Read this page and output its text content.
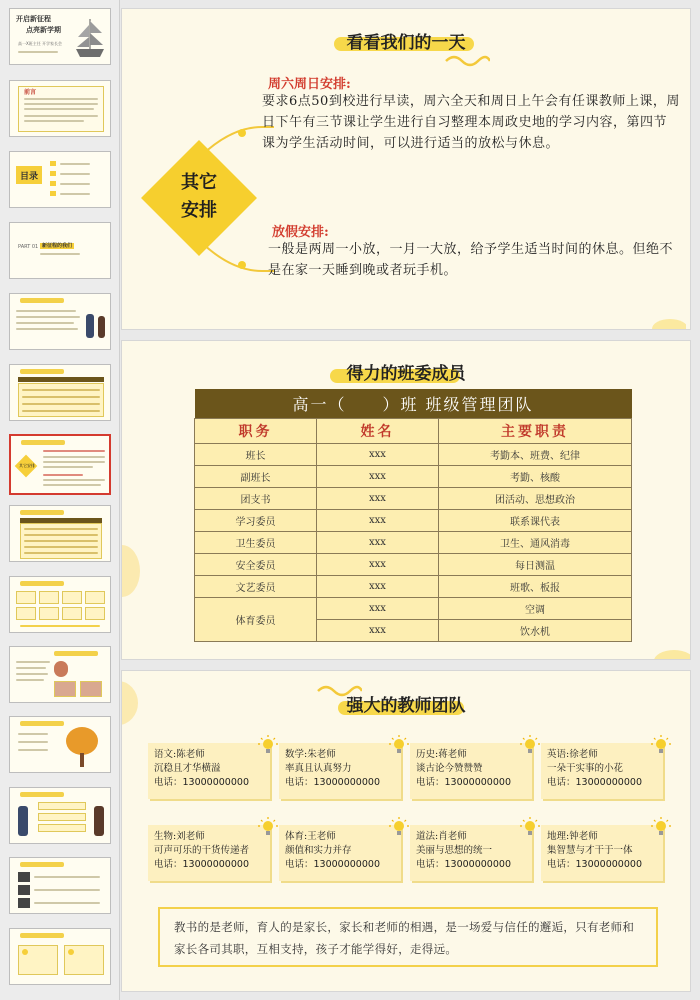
开启新征程
点亮新学期
高一X班主任 开学家长会
前言
目录
PART 01 新征程的我们
其它安排
看看我们的一天
其它
安排
周六周日安排:
要求6点50到校进行早读，周六全天和周日上午会有任课教师上课，周日下午有三节课让学生进行自习整理本周政史地的学习内容，第四节课为学生活动时间，可以进行适当的放松与休息。
放假安排:
一般是两周一小放，一月一大放，给予学生适当时间的休息。但绝不是在家一天睡到晚或者玩手机。
得力的班委成员
高一（　　）班 班级管理团队		
职务	姓名	主要职责
班长	xxx	考勤本、班费、纪律
副班长	xxx	考勤、核酸
团支书	xxx	团活动、思想政治
学习委员	xxx	联系课代表
卫生委员	xxx	卫生、通风消毒
安全委员	xxx	每日测温
文艺委员	xxx	班歌、板报
体育委员	xxx	空调
	xxx	饮水机
强大的教师团队
语文:陈老师
沉稳且才华横溢
电话：13000000000
数学:朱老师
率真且认真努力
电话：13000000000
历史:蒋老师
谈古论今赞赞赞
电话：13000000000
英语:徐老师
一朵干实事的小花
电话：13000000000
生物:刘老师
可声可乐的干货传递者
电话：13000000000
体育:王老师
颜值和实力并存
电话：13000000000
道法:肖老师
美丽与思想的统一
电话：13000000000
地理:钟老师
集智慧与才干于一体
电话：13000000000
教书的是老师，育人的是家长，家长和老师的相遇，是一场爱与信任的邂逅，只有老师和家长各司其职，互相支持，孩子才能学得好，走得远。
